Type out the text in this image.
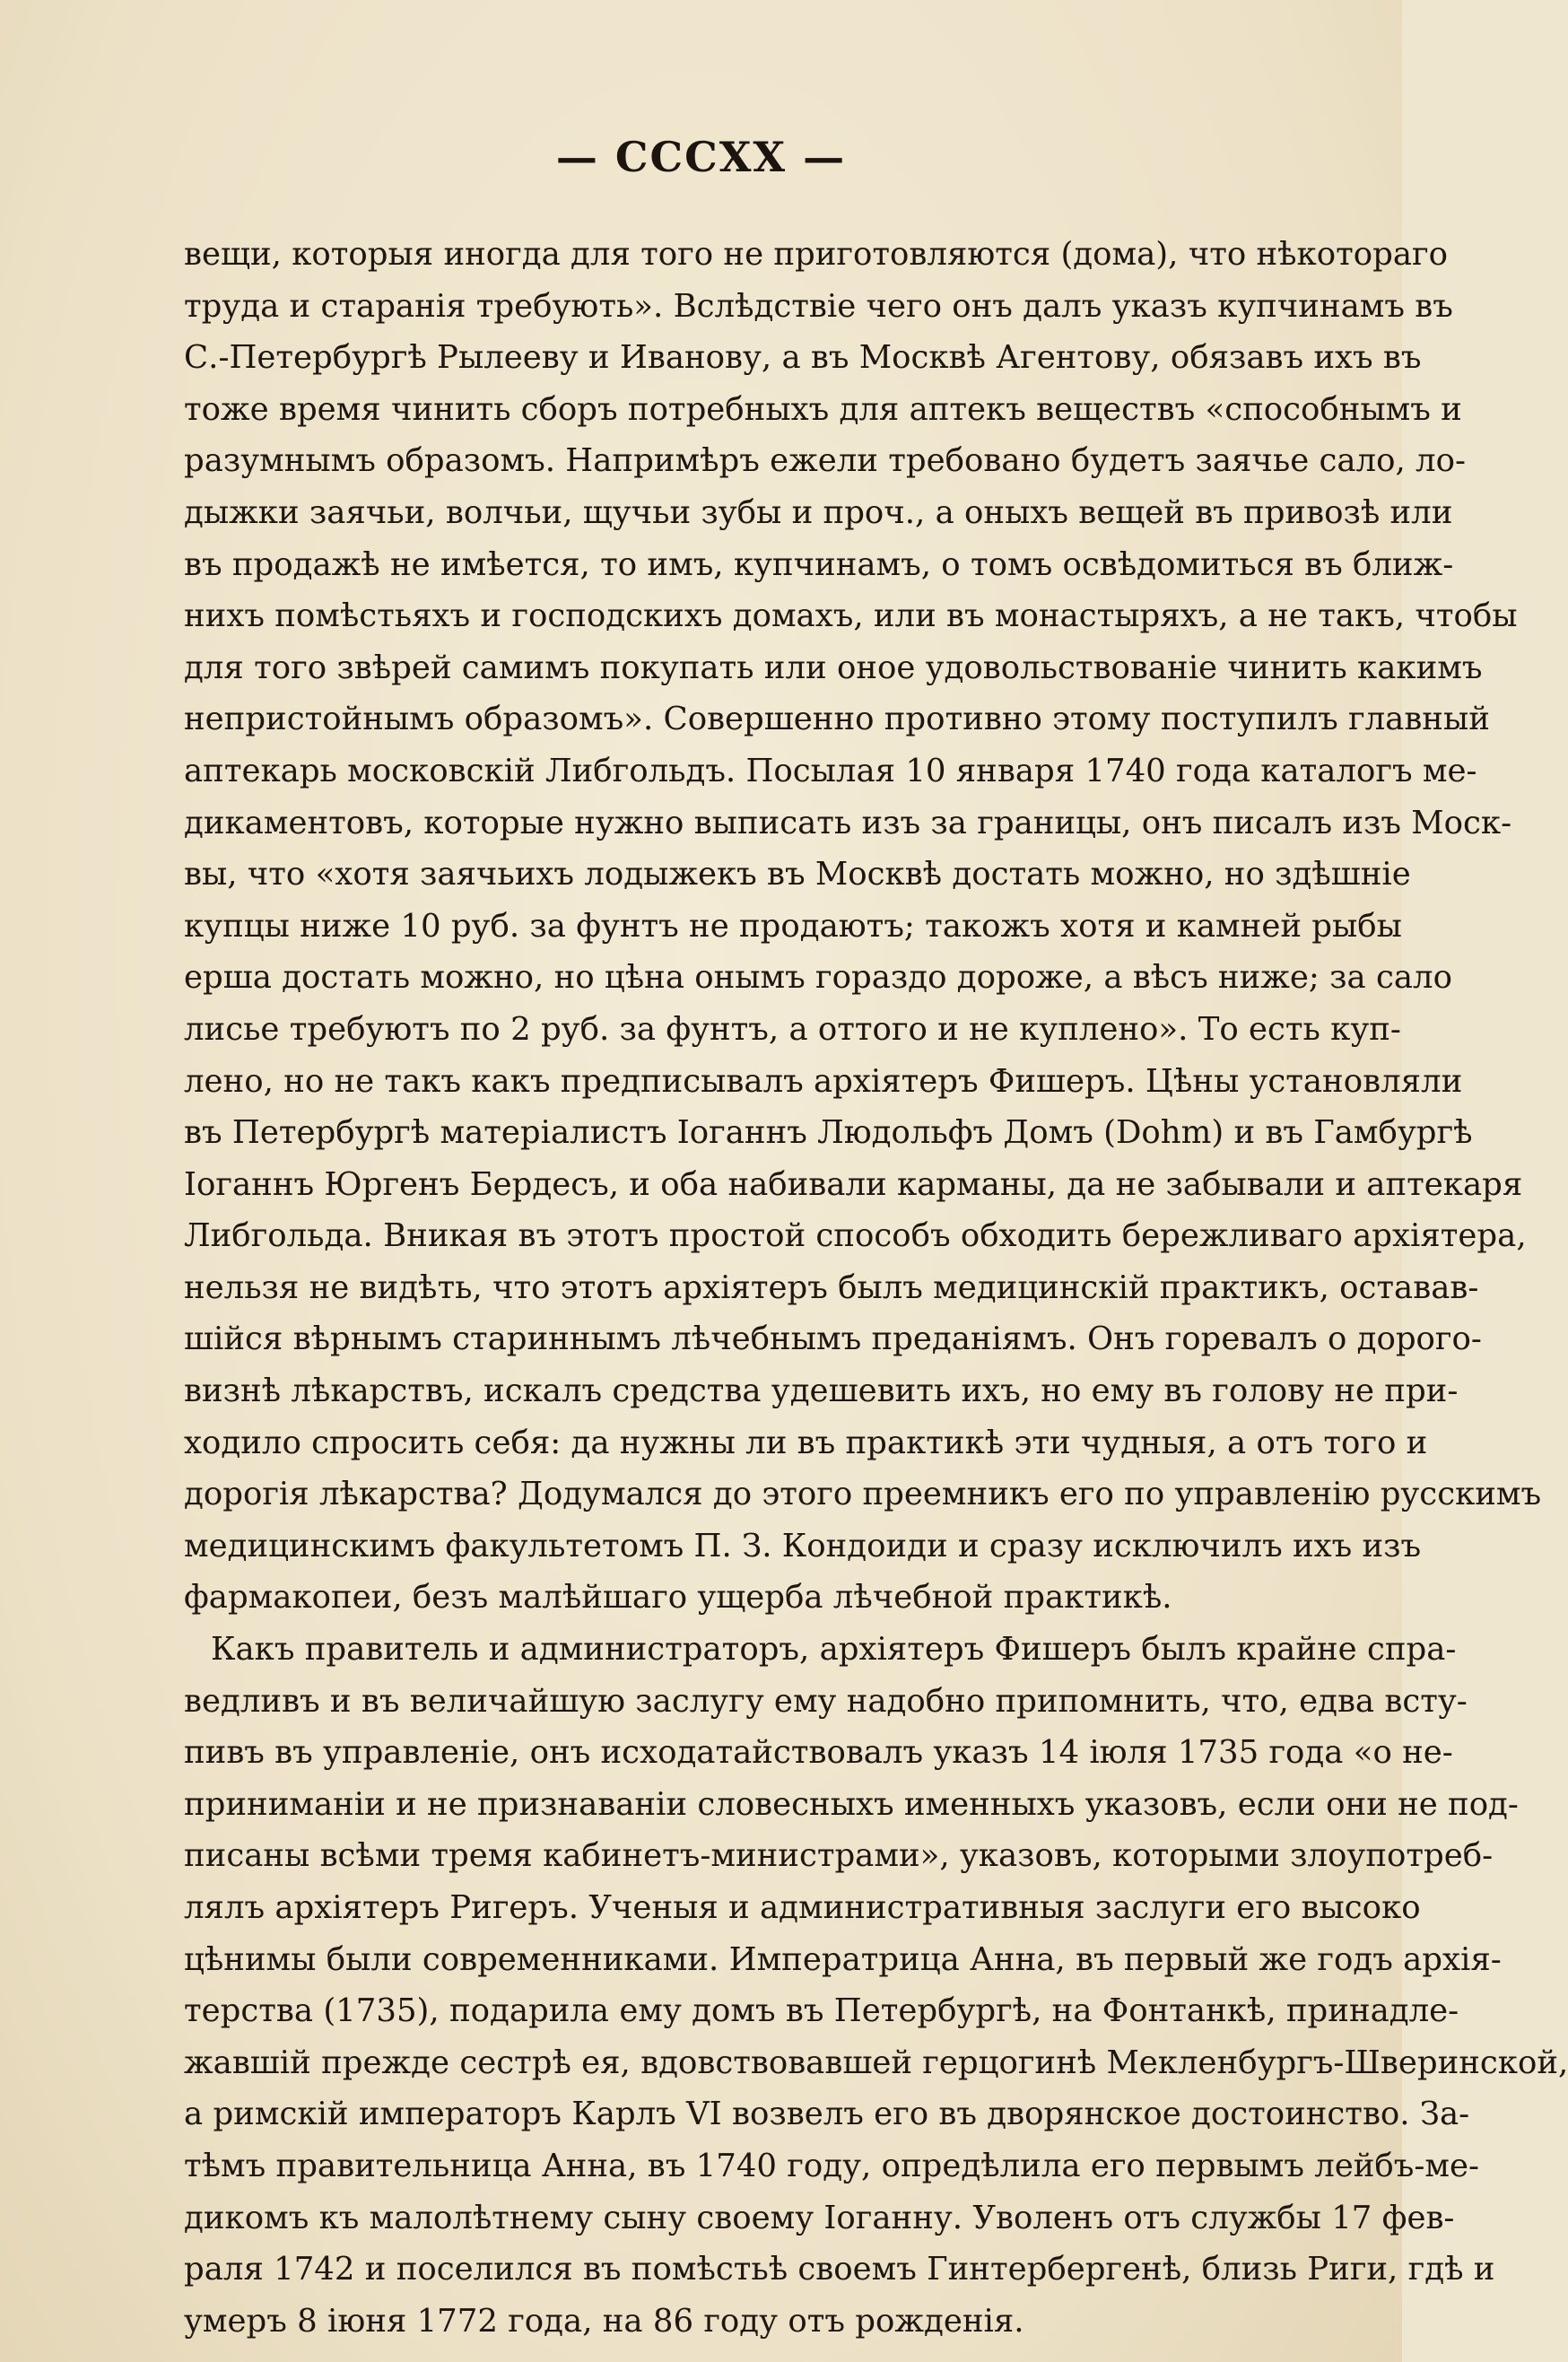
— CCCXX —
вещи, которыя иногда для того не приготовляются (дома), что нѣкотораго
труда и старанія требують». Вслѣдствіе чего онъ далъ указъ купчинамъ въ
С.-Петербургѣ Рылеeву и Иванову, а въ Москвѣ Агентову, обязавъ ихъ въ
тоже время чинить сборъ потребныхъ для аптекъ веществъ «способнымъ и
разумнымъ образомъ. Напримѣръ ежели требовано будетъ заячье сало, ло-
дыжки заячьи, волчьи, щучьи зубы и проч., а оныхъ вещей въ привозѣ или
въ продажѣ не имѣется, то имъ, купчинамъ, о томъ освѣдомиться въ ближ-
нихъ помѣстьяхъ и господскихъ домахъ, или въ монастыряхъ, а не такъ, чтобы
для того звѣрей самимъ покупать или оное удовольствованіе чинить какимъ
непристойнымъ образомъ». Совершенно противно этому поступилъ главный
аптекарь московскій Либгольдъ. Посылая 10 января 1740 года каталогъ ме-
дикаментовъ, которые нужно выписать изъ за границы, онъ писалъ изъ Моск-
вы, что «хотя заячьихъ лодыжекъ въ Москвѣ достать можно, но здѣшніе
купцы ниже 10 руб. за фунтъ не продаютъ; такожъ хотя и камней рыбы
ерша достать можно, но цѣна онымъ гораздо дороже, а вѣсъ ниже; за сало
лисье требуютъ по 2 руб. за фунтъ, а оттого и не куплено». То есть куп-
лено, но не такъ какъ предписывалъ архіятеръ Фишеръ. Цѣны установляли
въ Петербургѣ матеріалистъ Іоганнъ Людольфъ Домъ (Dohm) и въ Гамбургѣ
Іоганнъ Юргенъ Бердесъ, и оба набивали карманы, да не забывали и аптекаря
Либгольда. Вникая въ этотъ простой способъ обходить бережливаго архіятера,
нельзя не видѣть, что этотъ архіятеръ былъ медицинскій практикъ, оставав-
шійся вѣрнымъ стариннымъ лѣчебнымъ преданіямъ. Онъ горевалъ о дорого-
визнѣ лѣкарствъ, искалъ средства удешевить ихъ, но ему въ голову не при-
ходило спросить себя: да нужны ли въ практикѣ эти чудныя, а отъ того и
дорогія лѣкарства? Додумался до этого преемникъ его по управленію русскимъ
медицинскимъ факультетомъ П. З. Кондоиди и сразу исключилъ ихъ изъ
фармакопеи, безъ малѣйшаго ущерба лѣчебной практикѣ.
Какъ правитель и администраторъ, архіятеръ Фишеръ былъ крайне спра-
ведливъ и въ величайшую заслугу ему надобно припомнить, что, едва всту-
пивъ въ управленіе, онъ исходатайствовалъ указъ 14 іюля 1735 года «о не-
приниманіи и не признаваніи словесныхъ именныхъ указовъ, если они не под-
писаны всѣми тремя кабинетъ-министрами», указовъ, которыми злоупотреб-
лялъ архіятеръ Ригеръ. Ученыя и административныя заслуги его высоко
цѣнимы были современниками. Императрица Анна, въ первый же годъ архія-
терства (1735), подарила ему домъ въ Петербургѣ, на Фонтанкѣ, принадле-
жавшій прежде сестрѣ ея, вдовствовавшей герцогинѣ Мекленбургъ-Шверинской,
а римскій императоръ Карлъ VI возвелъ его въ дворянское достоинство. За-
тѣмъ правительница Анна, въ 1740 году, опредѣлила его первымъ лейбъ-ме-
дикомъ къ малолѣтнему сыну своему Іоганну. Уволенъ отъ службы 17 фев-
раля 1742 и поселился въ помѣстьѣ своемъ Гинтербергенѣ, близь Риги, гдѣ и
умеръ 8 іюня 1772 года, на 86 году отъ рожденія.
